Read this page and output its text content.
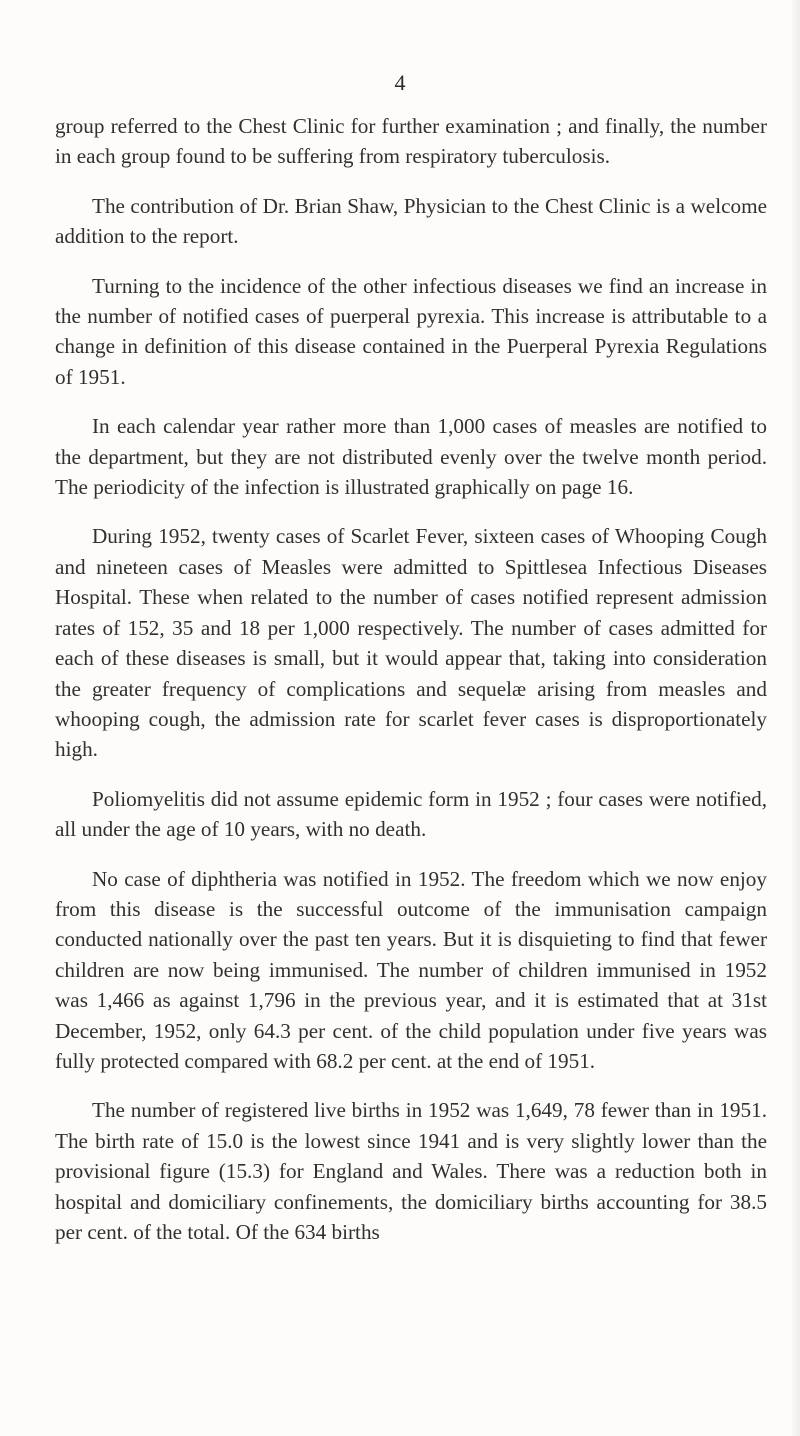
4

group referred to the Chest Clinic for further examination ; and finally, the number in each group found to be suffering from respiratory tuberculosis.

The contribution of Dr. Brian Shaw, Physician to the Chest Clinic is a welcome addition to the report.

Turning to the incidence of the other infectious diseases we find an increase in the number of notified cases of puerperal pyrexia. This increase is attributable to a change in definition of this disease contained in the Puerperal Pyrexia Regulations of 1951.

In each calendar year rather more than 1,000 cases of measles are notified to the department, but they are not distributed evenly over the twelve month period. The periodicity of the infection is illustrated graphically on page 16.

During 1952, twenty cases of Scarlet Fever, sixteen cases of Whooping Cough and nineteen cases of Measles were admitted to Spittlesea Infectious Diseases Hospital. These when related to the number of cases notified represent admission rates of 152, 35 and 18 per 1,000 respectively. The number of cases admitted for each of these diseases is small, but it would appear that, taking into consideration the greater frequency of complications and sequelæ arising from measles and whooping cough, the admission rate for scarlet fever cases is disproportionately high.

Poliomyelitis did not assume epidemic form in 1952 ; four cases were notified, all under the age of 10 years, with no death.

No case of diphtheria was notified in 1952. The freedom which we now enjoy from this disease is the successful outcome of the immunisation campaign conducted nationally over the past ten years. But it is disquieting to find that fewer children are now being immunised. The number of children immunised in 1952 was 1,466 as against 1,796 in the previous year, and it is estimated that at 31st December, 1952, only 64.3 per cent. of the child population under five years was fully protected compared with 68.2 per cent. at the end of 1951.

The number of registered live births in 1952 was 1,649, 78 fewer than in 1951. The birth rate of 15.0 is the lowest since 1941 and is very slightly lower than the provisional figure (15.3) for England and Wales. There was a reduction both in hospital and domiciliary confinements, the domiciliary births accounting for 38.5 per cent. of the total. Of the 634 births
